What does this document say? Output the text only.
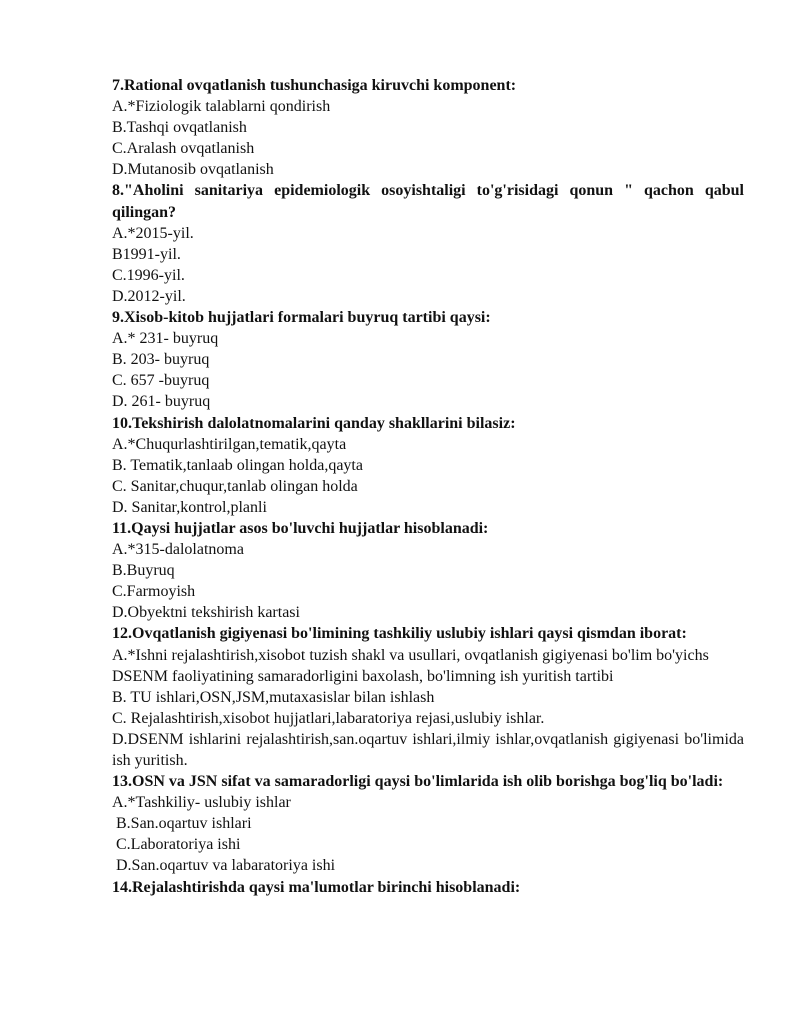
7.Rational ovqatlanish tushunchasiga kiruvchi komponent:

A.*Fiziologik talablarni qondirish

B.Tashqi ovqatlanish

C.Aralash ovqatlanish

D.Mutanosib ovqatlanish

8."Aholini sanitariya epidemiologik osoyishtaligi to'g'risidagi qonun " qachon qabul qilingan?

A.*2015-yil.

B1991-yil.

C.1996-yil.

D.2012-yil.

9.Xisob-kitob hujjatlari formalari buyruq tartibi qaysi:

A.* 231- buyruq

B. 203- buyruq

C. 657 -buyruq

D. 261- buyruq

10.Tekshirish dalolatnomalarini qanday shakllarini bilasiz:

A.*Chuqurlashtirilgan,tematik,qayta

B. Tematik,tanlaab olingan holda,qayta

C. Sanitar,chuqur,tanlab olingan holda

D. Sanitar,kontrol,planli

11.Qaysi hujjatlar asos bo'luvchi hujjatlar hisoblanadi:

A.*315-dalolatnoma

B.Buyruq

C.Farmoyish

D.Obyektni tekshirish kartasi

12.Ovqatlanish gigiyenasi bo'limining tashkiliy uslubiy ishlari qaysi qismdan iborat:

A.*Ishni rejalashtirish,xisobot tuzish shakl va usullari, ovqatlanish gigiyenasi bo'lim bo'yichs DSENM faoliyatining samaradorligini baxolash, bo'limning ish yuritish tartibi

B. TU ishlari,OSN,JSM,mutaxasislar bilan ishlash

C. Rejalashtirish,xisobot hujjatlari,labaratoriya rejasi,uslubiy ishlar.

D.DSENM ishlarini rejalashtirish,san.oqartuv ishlari,ilmiy ishlar,ovqatlanish gigiyenasi bo'limida ish yuritish.

13.OSN va JSN sifat va samaradorligi qaysi bo'limlarida ish olib borishga bog'liq bo'ladi:

A.*Tashkiliy- uslubiy ishlar

B.San.oqartuv ishlari

C.Laboratoriya ishi

D.San.oqartuv va labaratoriya ishi

14.Rejalashtirishda qaysi ma'lumotlar birinchi hisoblanadi:
